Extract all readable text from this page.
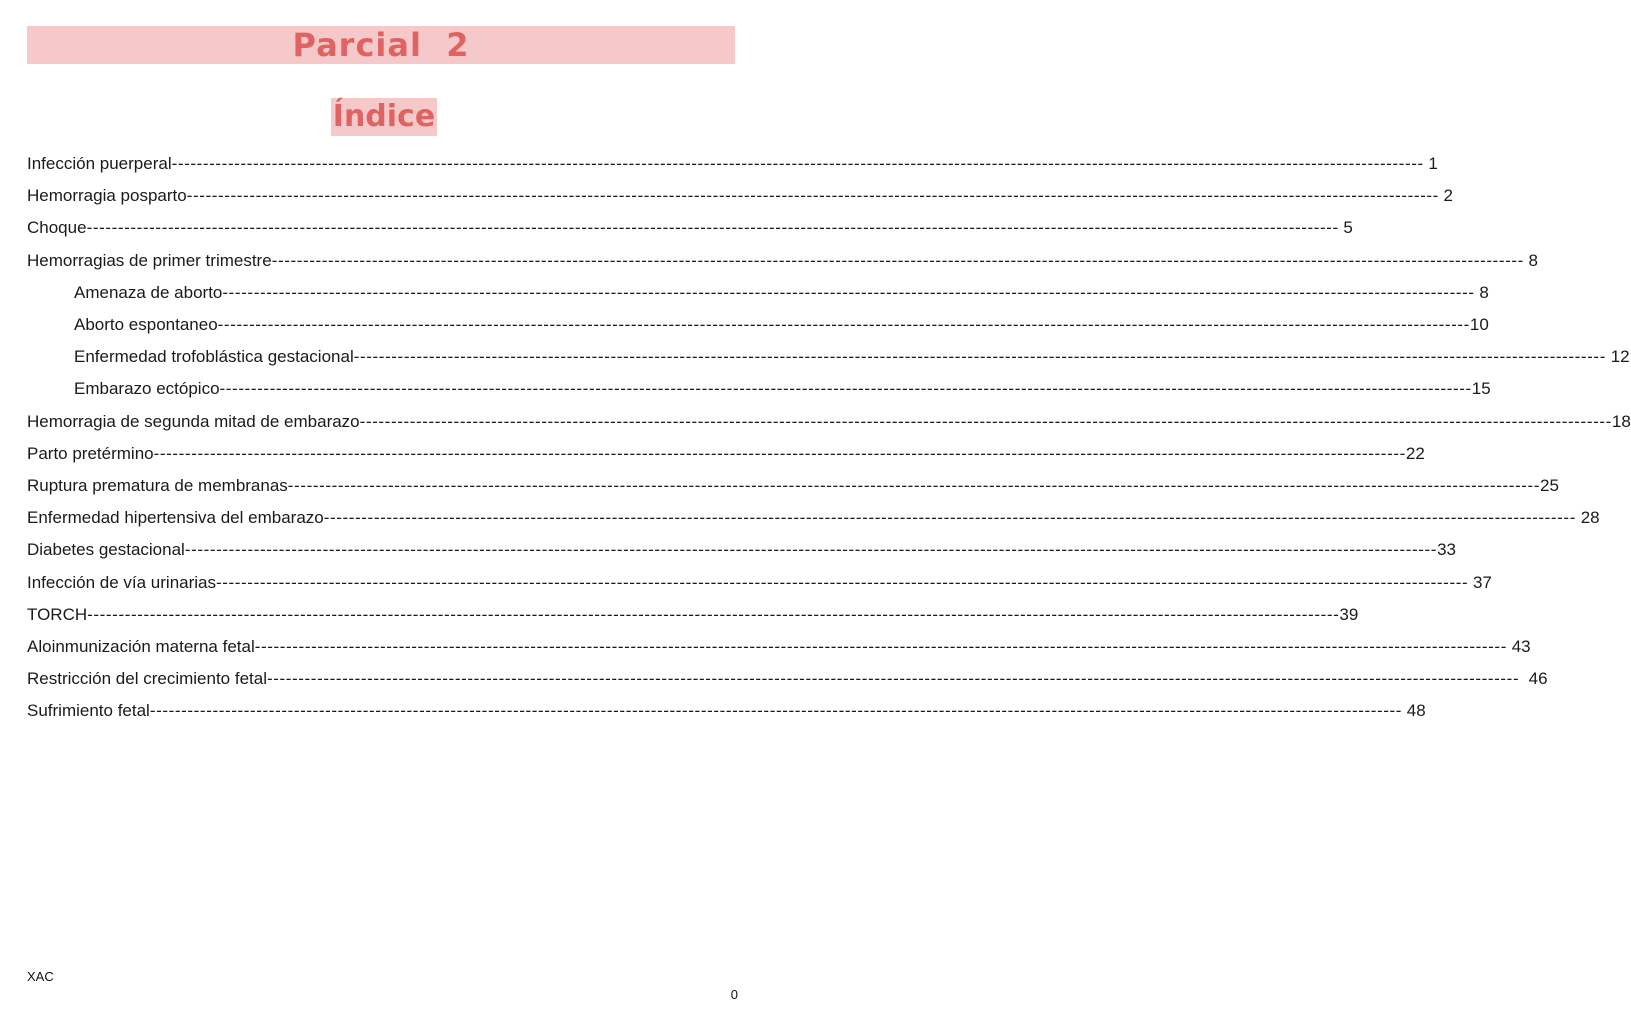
Parcial  2
Índice
Infección puerperal -------------------------------------------------------------------------------------------------------------------------------------------------------------------------------------------------------- 1
Hemorragia posparto -------------------------------------------------------------------------------------------------------------------------------------------------------------------------------------------------------- 2
Choque -------------------------------------------------------------------------------------------------------------------------------------------------------------------------------------------------------- 5
Hemorragias de primer trimestre -------------------------------------------------------------------------------------------------------------------------------------------------------------------------------------------------------- 8
Amenaza de aborto -------------------------------------------------------------------------------------------------------------------------------------------------------------------------------------------------------- 8
Aborto espontaneo -------------------------------------------------------------------------------------------------------------------------------------------------------------------------------------------------------- 10
Enfermedad trofoblástica gestacional -------------------------------------------------------------------------------------------------------------------------------------------------------------------------------------------------------- 12
Embarazo ectópico -------------------------------------------------------------------------------------------------------------------------------------------------------------------------------------------------------- 15
Hemorragia de segunda mitad de embarazo -------------------------------------------------------------------------------------------------------------------------------------------------------------------------------------------------------- 18
Parto pretérmino -------------------------------------------------------------------------------------------------------------------------------------------------------------------------------------------------------- 22
Ruptura prematura de membranas -------------------------------------------------------------------------------------------------------------------------------------------------------------------------------------------------------- 25
Enfermedad hipertensiva del embarazo -------------------------------------------------------------------------------------------------------------------------------------------------------------------------------------------------------- 28
Diabetes gestacional -------------------------------------------------------------------------------------------------------------------------------------------------------------------------------------------------------- 33
Infección de vía urinarias -------------------------------------------------------------------------------------------------------------------------------------------------------------------------------------------------------- 37
TORCH -------------------------------------------------------------------------------------------------------------------------------------------------------------------------------------------------------- 39
Aloinmunización materna fetal -------------------------------------------------------------------------------------------------------------------------------------------------------------------------------------------------------- 43
Restricción del crecimiento fetal -------------------------------------------------------------------------------------------------------------------------------------------------------------------------------------------------------- 46
Sufrimiento fetal -------------------------------------------------------------------------------------------------------------------------------------------------------------------------------------------------------- 48
XAC
0
